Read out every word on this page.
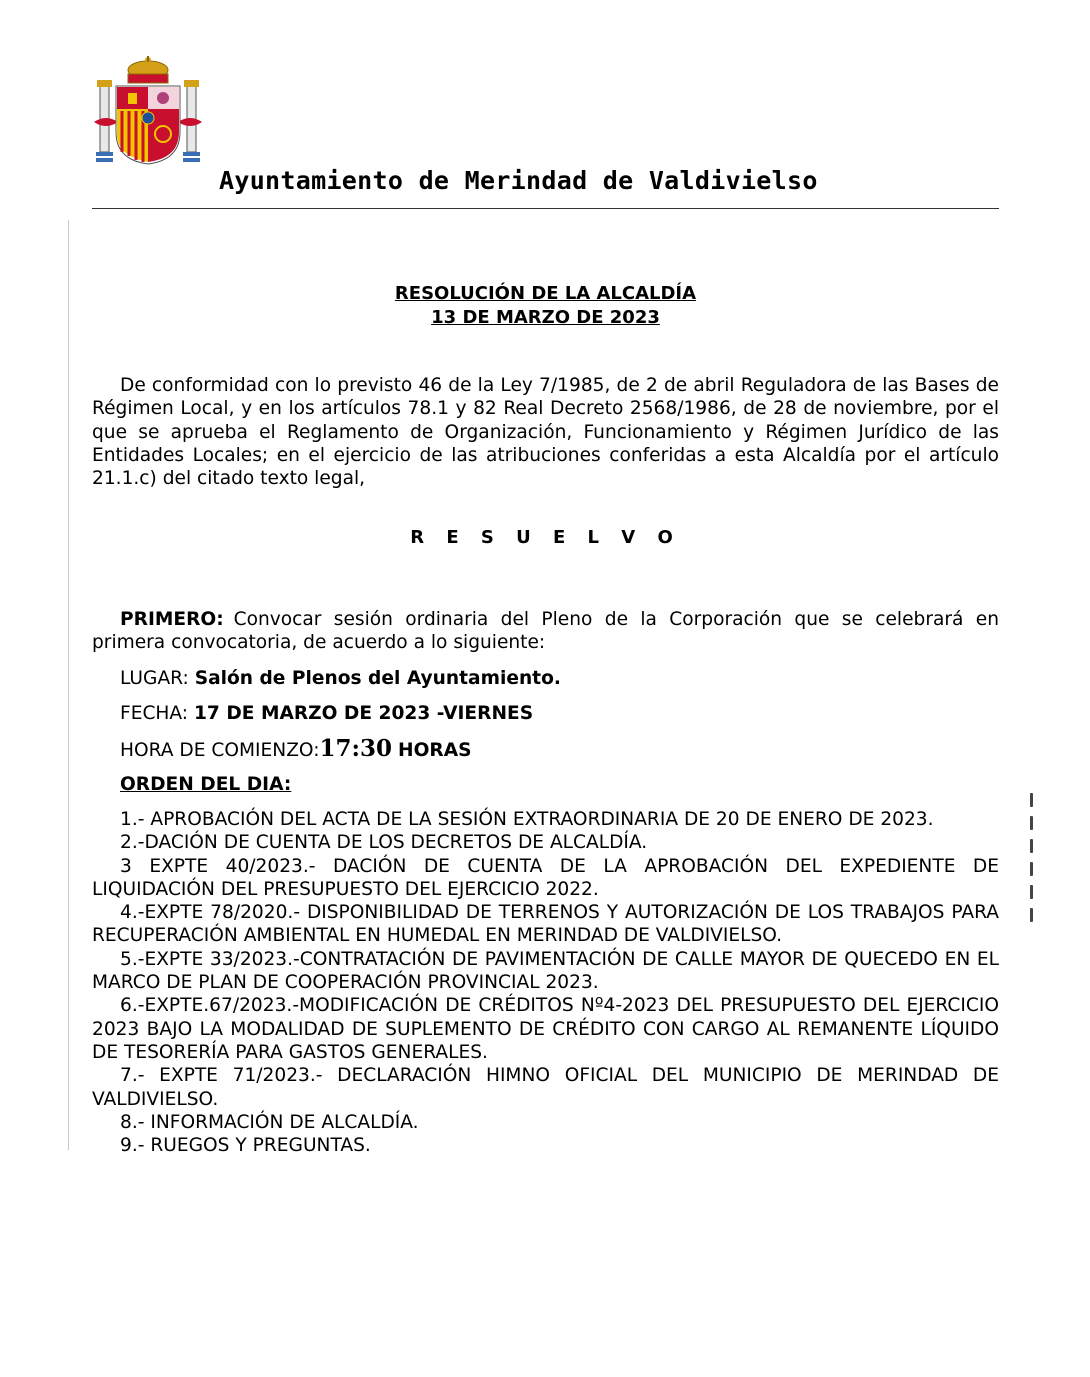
Ayuntamiento de Merindad de Valdivielso
RESOLUCIÓN DE LA ALCALDÍA
13 DE MARZO DE 2023
De conformidad con lo previsto 46 de la Ley 7/1985, de 2 de abril Reguladora de las Bases de Régimen Local, y en los artículos 78.1 y 82 Real Decreto 2568/1986, de 28 de noviembre, por el que se aprueba el Reglamento de Organización, Funcionamiento y Régimen Jurídico de las Entidades Locales; en el ejercicio de las atribuciones conferidas a esta Alcaldía por el artículo 21.1.c) del citado texto legal,
R E S U E L V O
PRIMERO: Convocar sesión ordinaria del Pleno de la Corporación que se celebrará en primera convocatoria, de acuerdo a lo siguiente:
LUGAR: Salón de Plenos del Ayuntamiento.
FECHA: 17 DE MARZO DE 2023 -VIERNES
HORA DE COMIENZO:17:30 HORAS
ORDEN DEL DIA:
1.- APROBACIÓN DEL ACTA DE LA SESIÓN EXTRAORDINARIA DE 20 DE ENERO DE 2023.
2.-DACIÓN DE CUENTA DE LOS DECRETOS DE ALCALDÍA.
3 EXPTE 40/2023.- DACIÓN DE CUENTA DE LA APROBACIÓN DEL EXPEDIENTE DE LIQUIDACIÓN DEL PRESUPUESTO DEL EJERCICIO 2022.
4.-EXPTE 78/2020.- DISPONIBILIDAD DE TERRENOS Y AUTORIZACIÓN DE LOS TRABAJOS PARA RECUPERACIÓN AMBIENTAL EN HUMEDAL EN MERINDAD DE VALDIVIELSO.
5.-EXPTE 33/2023.-CONTRATACIÓN DE PAVIMENTACIÓN DE CALLE MAYOR DE QUECEDO EN EL MARCO DE PLAN DE COOPERACIÓN PROVINCIAL 2023.
6.-EXPTE.67/2023.-MODIFICACIÓN DE CRÉDITOS Nº4-2023 DEL PRESUPUESTO DEL EJERCICIO 2023 BAJO LA MODALIDAD DE SUPLEMENTO DE CRÉDITO CON CARGO AL REMANENTE LÍQUIDO DE TESORERÍA PARA GASTOS GENERALES.
7.- EXPTE 71/2023.- DECLARACIÓN HIMNO OFICIAL DEL MUNICIPIO DE MERINDAD DE VALDIVIELSO.
8.- INFORMACIÓN DE ALCALDÍA.
9.- RUEGOS Y PREGUNTAS.
